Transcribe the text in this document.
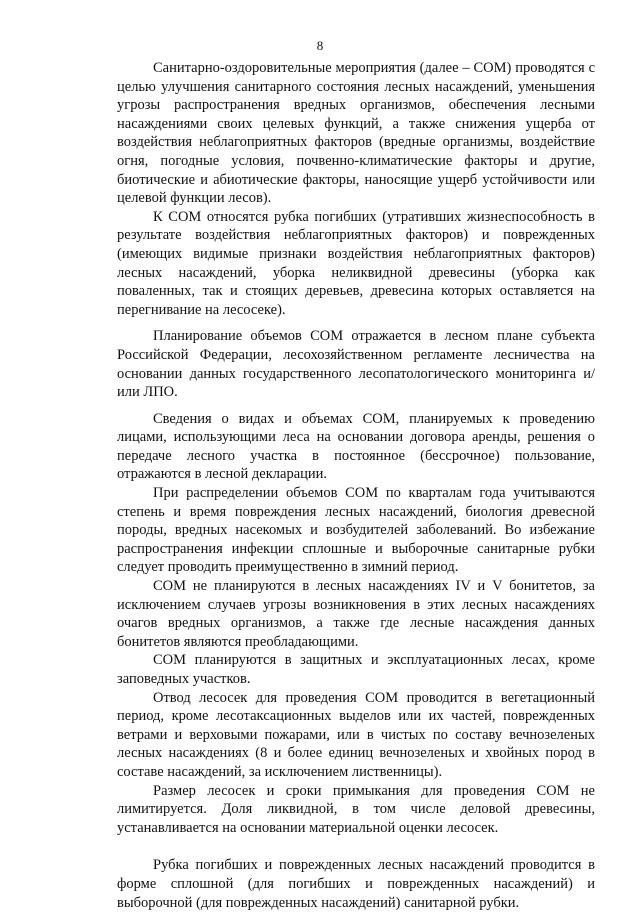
8

Санитарно-оздоровительные мероприятия (далее – СОМ) проводятся с целью улучшения санитарного состояния лесных насаждений, уменьшения угрозы распространения вредных организмов, обеспечения лесными насаждениями своих целевых функций, а также снижения ущерба от воздействия неблагоприятных факторов (вредные организмы, воздействие огня, погодные условия, почвенно-климатические факторы и другие, биотические и абиотические факторы, наносящие ущерб устойчивости или целевой функции лесов).

К СОМ относятся рубка погибших (утративших жизнеспособность в результате воздействия неблагоприятных факторов) и поврежденных (имеющих видимые признаки воздействия неблагоприятных факторов) лесных насаждений, уборка неликвидной древесины (уборка как поваленных, так и стоящих деревьев, древесина которых оставляется на перегнивание на лесосеке).

Планирование объемов СОМ отражается в лесном плане субъекта Российской Федерации, лесохозяйственном регламенте лесничества на основании данных государственного лесопатологического мониторинга и/или ЛПО.

Сведения о видах и объемах СОМ, планируемых к проведению лицами, использующими леса на основании договора аренды, решения о передаче лесного участка в постоянное (бессрочное) пользование, отражаются в лесной декларации.

При распределении объемов СОМ по кварталам года учитываются степень и время повреждения лесных насаждений, биология древесной породы, вредных насекомых и возбудителей заболеваний. Во избежание распространения инфекции сплошные и выборочные санитарные рубки следует проводить преимущественно в зимний период.

СОМ не планируются в лесных насаждениях IV и V бонитетов, за исключением случаев угрозы возникновения в этих лесных насаждениях очагов вредных организмов, а также где лесные насаждения данных бонитетов являются преобладающими.

СОМ планируются в защитных и эксплуатационных лесах, кроме заповедных участков.

Отвод лесосек для проведения СОМ проводится в вегетационный период, кроме лесотаксационных выделов или их частей, поврежденных ветрами и верховыми пожарами, или в чистых по составу вечнозеленых лесных насаждениях (8 и более единиц вечнозеленых и хвойных пород в составе насаждений, за исключением лиственницы).

Размер лесосек и сроки примыкания для проведения СОМ не лимитируется. Доля ликвидной, в том числе деловой древесины, устанавливается на основании материальной оценки лесосек.

Рубка погибших и поврежденных лесных насаждений проводится в форме сплошной (для погибших и поврежденных насаждений) и выборочной (для поврежденных насаждений) санитарной рубки.
